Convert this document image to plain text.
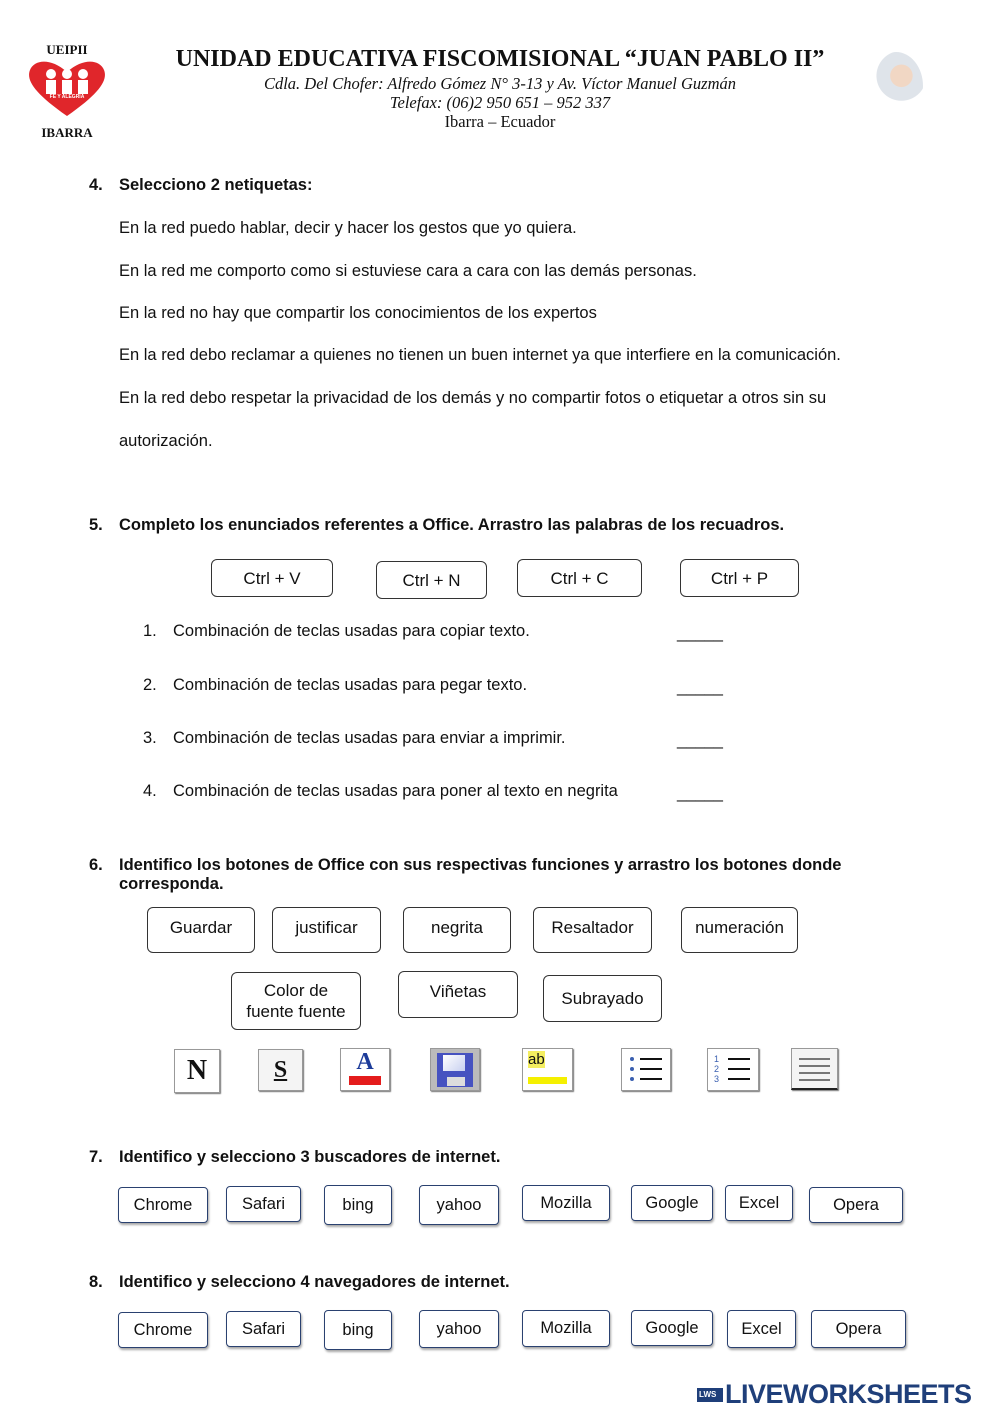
UEIPII
FE Y ALEGRIA
IBARRA
UNIDAD EDUCATIVA FISCOMISIONAL “JUAN PABLO II”
Cdla. Del Chofer: Alfredo Gómez N° 3-13 y Av. Víctor Manuel Guzmán
Telefax: (06)2 950 651 – 952 337
Ibarra – Ecuador
4. Selecciono 2 netiquetas:
En la red puedo hablar, decir y hacer los gestos que yo quiera.
En la red me comporto como si estuviese cara a cara con las demás personas.
En la red no hay que compartir los conocimientos de los expertos
En la red debo reclamar a quienes no tienen un buen internet ya que interfiere en la comunicación.
En la red debo respetar la privacidad de los demás y no compartir fotos o etiquetar a otros sin su
autorización.
5. Completo los enunciados referentes a Office. Arrastro las palabras de los recuadros.
Ctrl + V	Ctrl + N	Ctrl + C	Ctrl + P
1. Combinación de teclas usadas para copiar texto.	_____
2. Combinación de teclas usadas para pegar texto.	_____
3. Combinación de teclas usadas para enviar a imprimir.	_____
4. Combinación de teclas usadas para poner al texto en negrita	_____
6. Identifico los botones de Office con sus respectivas funciones y arrastro los botones donde
corresponda.
Guardar	justificar	negrita	Resaltador	numeración
Color de
fuente fuente
Viñetas	Subrayado
N	S	A	ab	1
2
3
7. Identifico y selecciono 3 buscadores de internet.
Chrome	Safari	bing	yahoo	Mozilla	Google	Excel	Opera
8. Identifico y selecciono 4 navegadores de internet.
Chrome	Safari	bing	yahoo	Mozilla	Google	Excel	Opera
LWS LIVEWORKSHEETS
